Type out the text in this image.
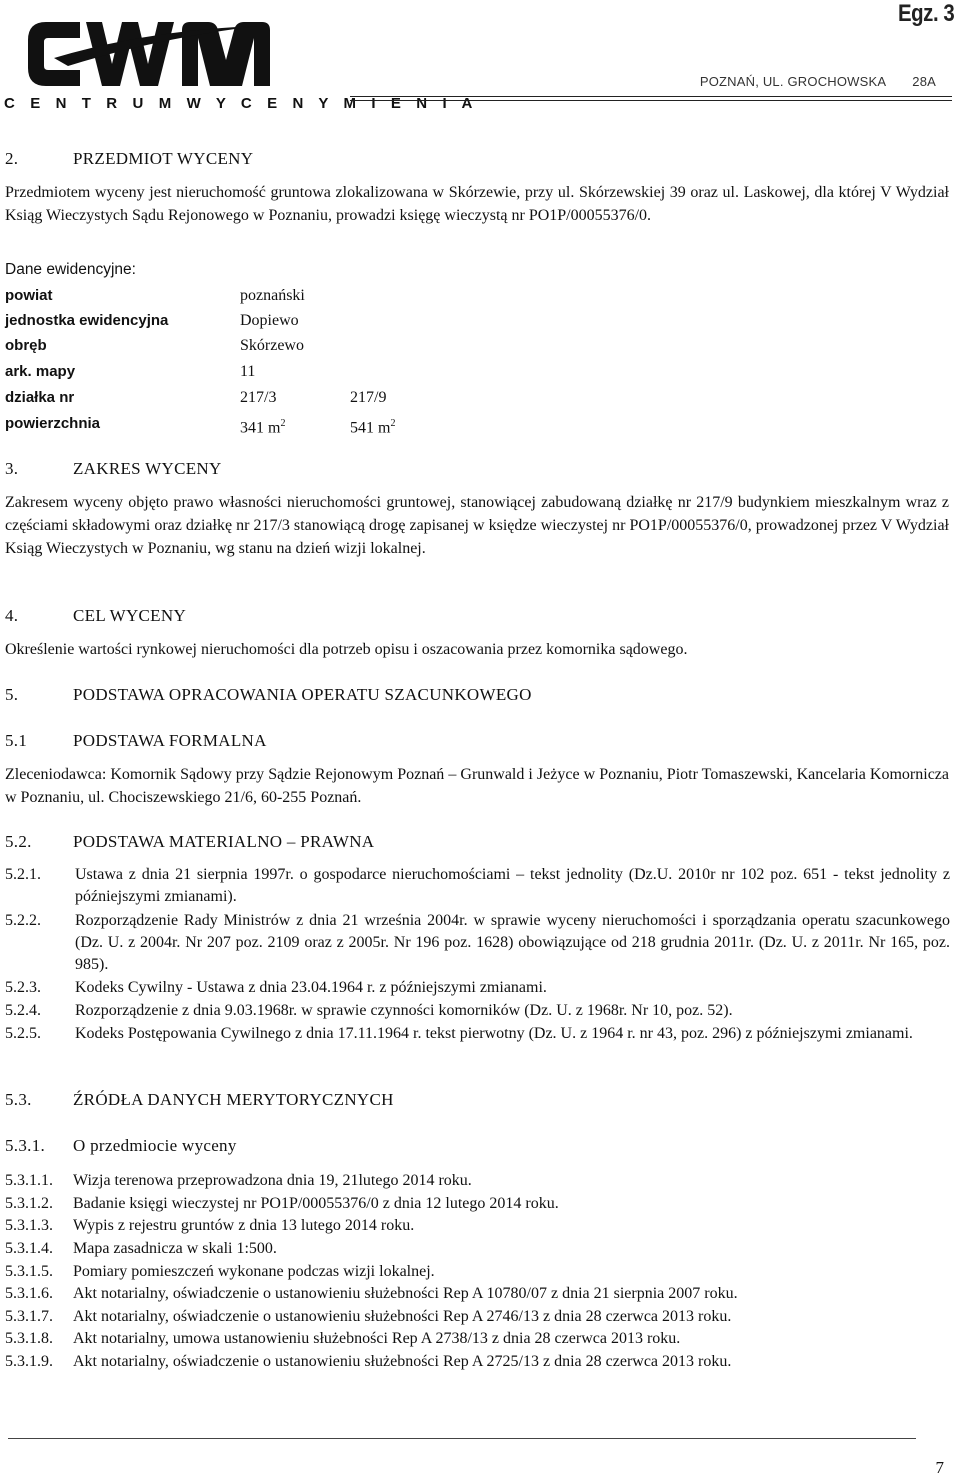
C E N T R U M W Y C E N Y M I E N I A
Egz. 3
POZNAŃ, UL. GROCHOWSKA 28A
2.	PRZEDMIOT WYCENY
Przedmiotem wyceny jest nieruchomość gruntowa zlokalizowana w Skórzewie, przy ul. Skórzewskiej 39 oraz ul. Laskowej, dla której V Wydział Ksiąg Wieczystych Sądu Rejonowego w Poznaniu, prowadzi księgę wieczystą nr PO1P/00055376/0.
Dane ewidencyjne:
powiat	poznański
jednostka ewidencyjna	Dopiewo
obręb	Skórzewo
ark. mapy	11
działka nr	217/3	217/9
powierzchnia	341 $m^2$	541 $m^2$
3.	ZAKRES WYCENY
Zakresem wyceny objęto prawo własności nieruchomości gruntowej, stanowiącej zabudowaną działkę nr 217/9 budynkiem mieszkalnym wraz z częściami składowymi oraz działkę nr 217/3 stanowiącą drogę zapisanej w księdze wieczystej nr PO1P/00055376/0, prowadzonej przez V Wydział Ksiąg Wieczystych w Poznaniu, wg stanu na dzień wizji lokalnej.
4.	CEL WYCENY
Określenie wartości rynkowej nieruchomości dla potrzeb opisu i oszacowania przez komornika sądowego.
5.	PODSTAWA OPRACOWANIA OPERATU SZACUNKOWEGO
5.1	PODSTAWA FORMALNA
Zleceniodawca: Komornik Sądowy przy Sądzie Rejonowym Poznań – Grunwald i Jeżyce w Poznaniu, Piotr Tomaszewski, Kancelaria Komornicza w Poznaniu, ul. Chociszewskiego 21/6, 60-255 Poznań.
5.2. PODSTAWA MATERIALNO – PRAWNA
5.2.1. Ustawa z dnia 21 sierpnia 1997r. o gospodarce nieruchomościami – tekst jednolity (Dz.U. 2010r nr 102 poz. 651 - tekst jednolity z późniejszymi zmianami).
5.2.2. Rozporządzenie Rady Ministrów z dnia 21 września 2004r. w sprawie wyceny nieruchomości i sporządzania operatu szacunkowego (Dz. U. z 2004r. Nr 207 poz. 2109 oraz z 2005r. Nr 196 poz. 1628) obowiązujące od 218 grudnia 2011r. (Dz. U. z 2011r. Nr 165, poz. 985).
5.2.3. Kodeks Cywilny - Ustawa z dnia 23.04.1964 r. z późniejszymi zmianami.
5.2.4. Rozporządzenie z dnia 9.03.1968r. w sprawie czynności komorników (Dz. U. z 1968r. Nr 10, poz. 52).
5.2.5. Kodeks Postępowania Cywilnego z dnia 17.11.1964 r. tekst pierwotny (Dz. U. z 1964 r. nr 43, poz. 296) z późniejszymi zmianami.
5.3. ŹRÓDŁA DANYCH MERYTORYCZNYCH
5.3.1. O przedmiocie wyceny
5.3.1.1. Wizja terenowa przeprowadzona dnia 19, 21lutego 2014 roku.
5.3.1.2. Badanie księgi wieczystej nr PO1P/00055376/0 z dnia 12 lutego 2014 roku.
5.3.1.3. Wypis z rejestru gruntów z dnia 13 lutego 2014 roku.
5.3.1.4. Mapa zasadnicza w skali 1:500.
5.3.1.5. Pomiary pomieszczeń wykonane podczas wizji lokalnej.
5.3.1.6. Akt notarialny, oświadczenie o ustanowieniu służebności Rep A 10780/07 z dnia 21 sierpnia 2007 roku.
5.3.1.7. Akt notarialny, oświadczenie o ustanowieniu służebności Rep A 2746/13 z dnia 28 czerwca 2013 roku.
5.3.1.8. Akt notarialny, umowa ustanowieniu służebności Rep A 2738/13 z dnia 28 czerwca 2013 roku.
5.3.1.9. Akt notarialny, oświadczenie o ustanowieniu służebności Rep A 2725/13 z dnia 28 czerwca 2013 roku.
7
